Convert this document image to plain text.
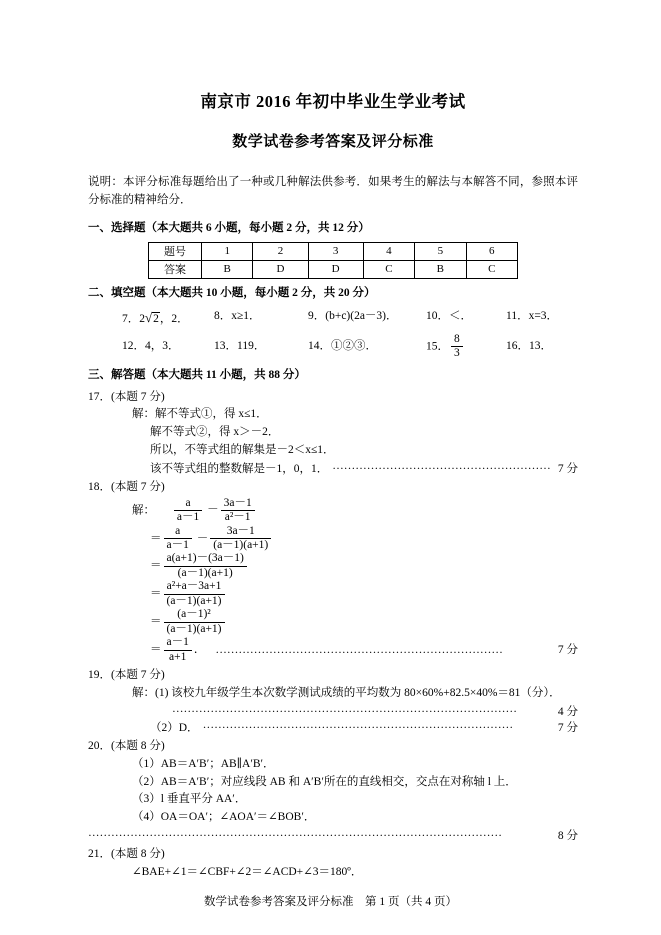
南京市 2016 年初中毕业生学业考试
数学试卷参考答案及评分标准

说明：本评分标准每题给出了一种或几种解法供参考．如果考生的解法与本解答不同，参照本评分标准的精神给分．

一、选择题（本大题共 6 小题，每小题 2 分，共 12 分）

题号	1	2	3	4	5	6
答案	B	D	D	C	B	C

二、填空题（本大题共 10 小题，每小题 2 分，共 20 分）

7．2√2，2．	8．x≥1．	9．(b+c)(2a－3)．	10．＜．	11．x=3．
12．4，3．	13．119．	14．①②③．	15． $\frac{8}{3}$	16．13．

三、解答题（本大题共 11 小题，共 88 分）

17．(本题 7 分)

解：解不等式①，得 x≤1．

解不等式②，得 x＞－2．

所以，不等式组的解集是－2＜x≤1．

该不等式组的整数解是－1，0，1． ………………………………………………… 7 分

18．(本题 7 分)

解： $\frac{a}{a-1} - \frac{3a-1}{\text{a²－1}}$
＝ $\frac{a}{a-1} - \frac{3a-1}{(a-1)(a+1)}$
＝ $\frac{a(a+1)-(3a-1)}{(a-1)(a+1)}$
＝ $\frac{\text{a²+a－3a+1}}{(a-1)(a+1)}$
＝ $\frac{\text{(a－1)²}}{(a-1)(a+1)}$
＝ $\frac{a-1}{a+1}$ ． …………………………………………………………………	7 分

19．(本题 7 分)

解：(1) 该校九年级学生本次数学测试成绩的平均数为 80×60%+82.5×40%＝81（分）．

………………………………………………………………………………	4 分
（2）D． ………………………………………………………………………	7 分

20．(本题 8 分)

（1）AB＝A′B′；AB∥A′B′．

（2）AB＝A′B′；对应线段 AB 和 A′B′所在的直线相交，交点在对称轴 l 上．

（3）l 垂直平分 AA′．

（4）OA＝OA′；∠AOA′＝∠BOB′．

………………………………………………………………………………………………	8 分

21．(本题 8 分)

∠BAE+∠1＝∠CBF+∠2＝∠ACD+∠3＝180º．

数学试卷参考答案及评分标准　第 1 页（共 4 页）
